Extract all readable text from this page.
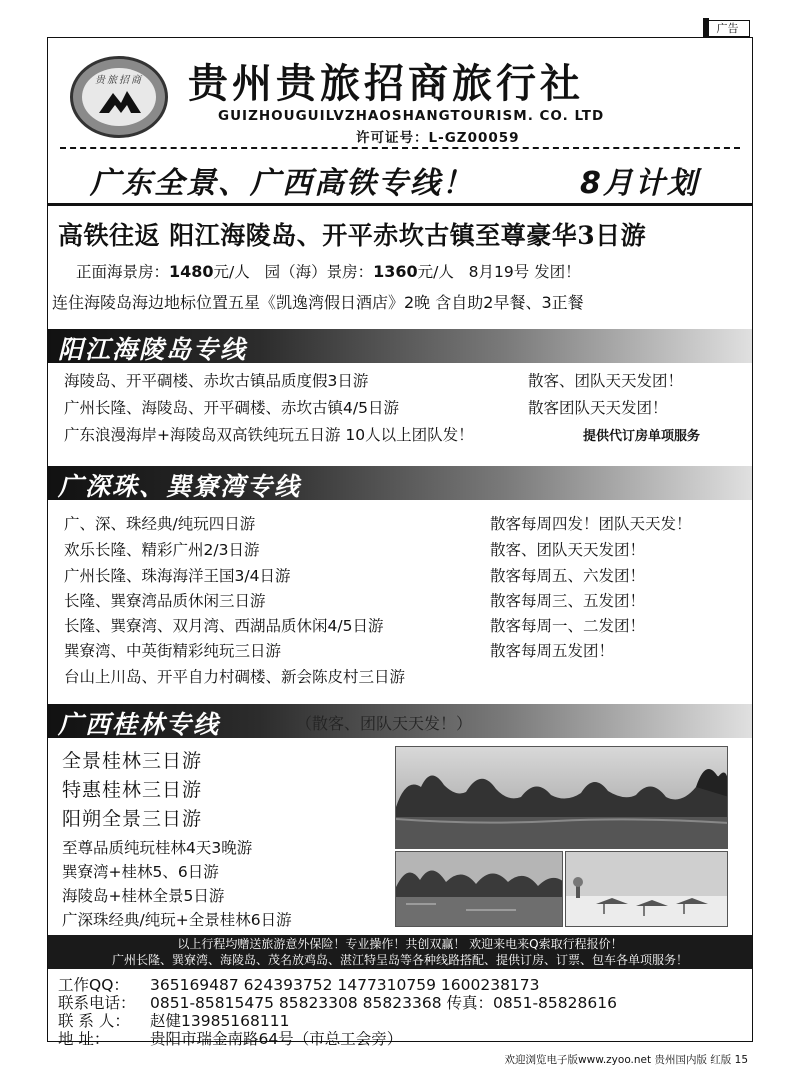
广告
贵旅招商 贵州贵旅招商旅行社
GUIZHOUGUILVZHAOSHANGTOURISM. CO. LTD
许可证号：L-GZ00059
广东全景、广西高铁专线！	8月计划
高铁往返 阳江海陵岛、开平赤坎古镇至尊豪华3日游
正面海景房：1480元/人 园（海）景房：1360元/人 8月19号 发团！
连住海陵岛海边地标位置五星《凯逸湾假日酒店》2晚 含自助2早餐、3正餐
阳江海陵岛专线
海陵岛、开平碉楼、赤坎古镇品质度假3日游	散客、团队天天发团！
广州长隆、海陵岛、开平碉楼、赤坎古镇4/5日游	散客团队天天发团！
广东浪漫海岸+海陵岛双高铁纯玩五日游 10人以上团队发！	提供代订房单项服务
广深珠、巽寮湾专线
广、深、珠经典/纯玩四日游	散客每周四发！团队天天发！
欢乐长隆、精彩广州2/3日游	散客、团队天天发团！
广州长隆、珠海海洋王国3/4日游	散客每周五、六发团！
长隆、巽寮湾品质休闲三日游	散客每周三、五发团！
长隆、巽寮湾、双月湾、西湖品质休闲4/5日游	散客每周一、二发团！
巽寮湾、中英街精彩纯玩三日游	散客每周五发团！
台山上川岛、开平自力村碉楼、新会陈皮村三日游
广西桂林专线	（散客、团队天天发！）
全景桂林三日游
特惠桂林三日游
阳朔全景三日游
至尊品质纯玩桂林4天3晚游
巽寮湾+桂林5、6日游
海陵岛+桂林全景5日游
广深珠经典/纯玩+全景桂林6日游
以上行程均赠送旅游意外保险！专业操作！共创双赢！ 欢迎来电来Q索取行程报价！
广州长隆、巽寮湾、海陵岛、茂名放鸡岛、湛江特呈岛等各种线路搭配、提供订房、订票、包车各单项服务！
工作QQ： 365169487 624393752 1477310759 1600238173
联系电话： 0851-85815475 85823308 85823368 传真：0851-85828616
联 系 人： 赵健13985168111
地 址：	贵阳市瑞金南路64号（市总工会旁）
欢迎浏览电子版www.zyoo.net 贵州国内版 红版 15
